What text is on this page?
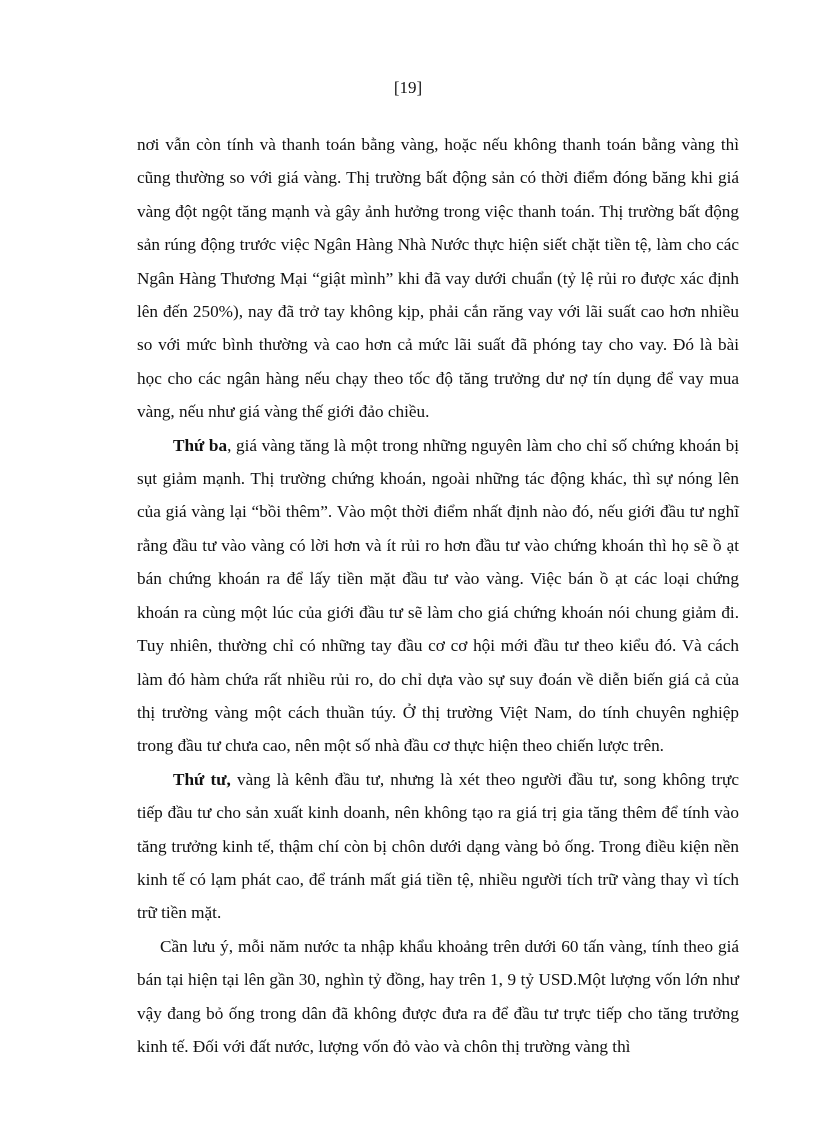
[19]

nơi vẫn còn tính và thanh toán bằng vàng, hoặc nếu không thanh toán bằng vàng thì cũng thường so với giá vàng. Thị trường bất động sản có thời điểm đóng băng khi giá vàng đột ngột tăng mạnh và gây ảnh hưởng trong việc thanh toán. Thị trường bất động sản rúng động trước việc Ngân Hàng Nhà Nước thực hiện siết chặt tiền tệ, làm cho các Ngân Hàng Thương Mại “giật mình” khi đã vay dưới chuẩn (tỷ lệ rủi ro được xác định lên đến 250%), nay đã trở tay không kịp, phải cắn răng vay với lãi suất cao hơn nhiều so với mức bình thường và cao hơn cả mức lãi suất đã phóng tay cho vay. Đó là bài học cho các ngân hàng nếu chạy theo tốc độ tăng trưởng dư nợ tín dụng để vay mua vàng, nếu như giá vàng thế giới đảo chiều.

Thứ ba, giá vàng tăng là một trong những nguyên làm cho chỉ số chứng khoán bị sụt giảm mạnh. Thị trường chứng khoán, ngoài những tác động khác, thì sự nóng lên của giá vàng lại “bồi thêm”. Vào một thời điểm nhất định nào đó, nếu giới đầu tư nghĩ rằng đầu tư vào vàng có lời hơn và ít rủi ro hơn đầu tư vào chứng khoán thì họ sẽ ồ ạt bán chứng khoán ra để lấy tiền mặt đầu tư vào vàng. Việc bán ồ ạt các loại chứng khoán ra cùng một lúc của giới đầu tư sẽ làm cho giá chứng khoán nói chung giảm đi. Tuy nhiên, thường chỉ có những tay đầu cơ cơ hội mới đầu tư theo kiểu đó. Và cách làm đó hàm chứa rất nhiều rủi ro, do chỉ dựa vào sự suy đoán về diễn biến giá cả của thị trường vàng một cách thuần túy. Ở thị trường Việt Nam, do tính chuyên nghiệp trong đầu tư chưa cao, nên một số nhà đầu cơ thực hiện theo chiến lược trên.

Thứ tư, vàng là kênh đầu tư, nhưng là xét theo người đầu tư, song không trực tiếp đầu tư cho sản xuất kinh doanh, nên không tạo ra giá trị gia tăng thêm để tính vào tăng trưởng kinh tế, thậm chí còn bị chôn dưới dạng vàng bỏ ống. Trong điều kiện nền kinh tế có lạm phát cao, để tránh mất giá tiền tệ, nhiều người tích trữ vàng thay vì tích trữ tiền mặt.

Cần lưu ý, mỗi năm nước ta nhập khẩu khoảng trên dưới 60 tấn vàng, tính theo giá bán tại hiện tại lên gần 30, nghìn tỷ đồng, hay trên 1, 9 tỷ USD.Một lượng vốn lớn như vậy đang bỏ ống trong dân đã không được đưa ra để đầu tư trực tiếp cho tăng trưởng kinh tế. Đối với đất nước, lượng vốn đỏ vào và chôn thị trường vàng thì
